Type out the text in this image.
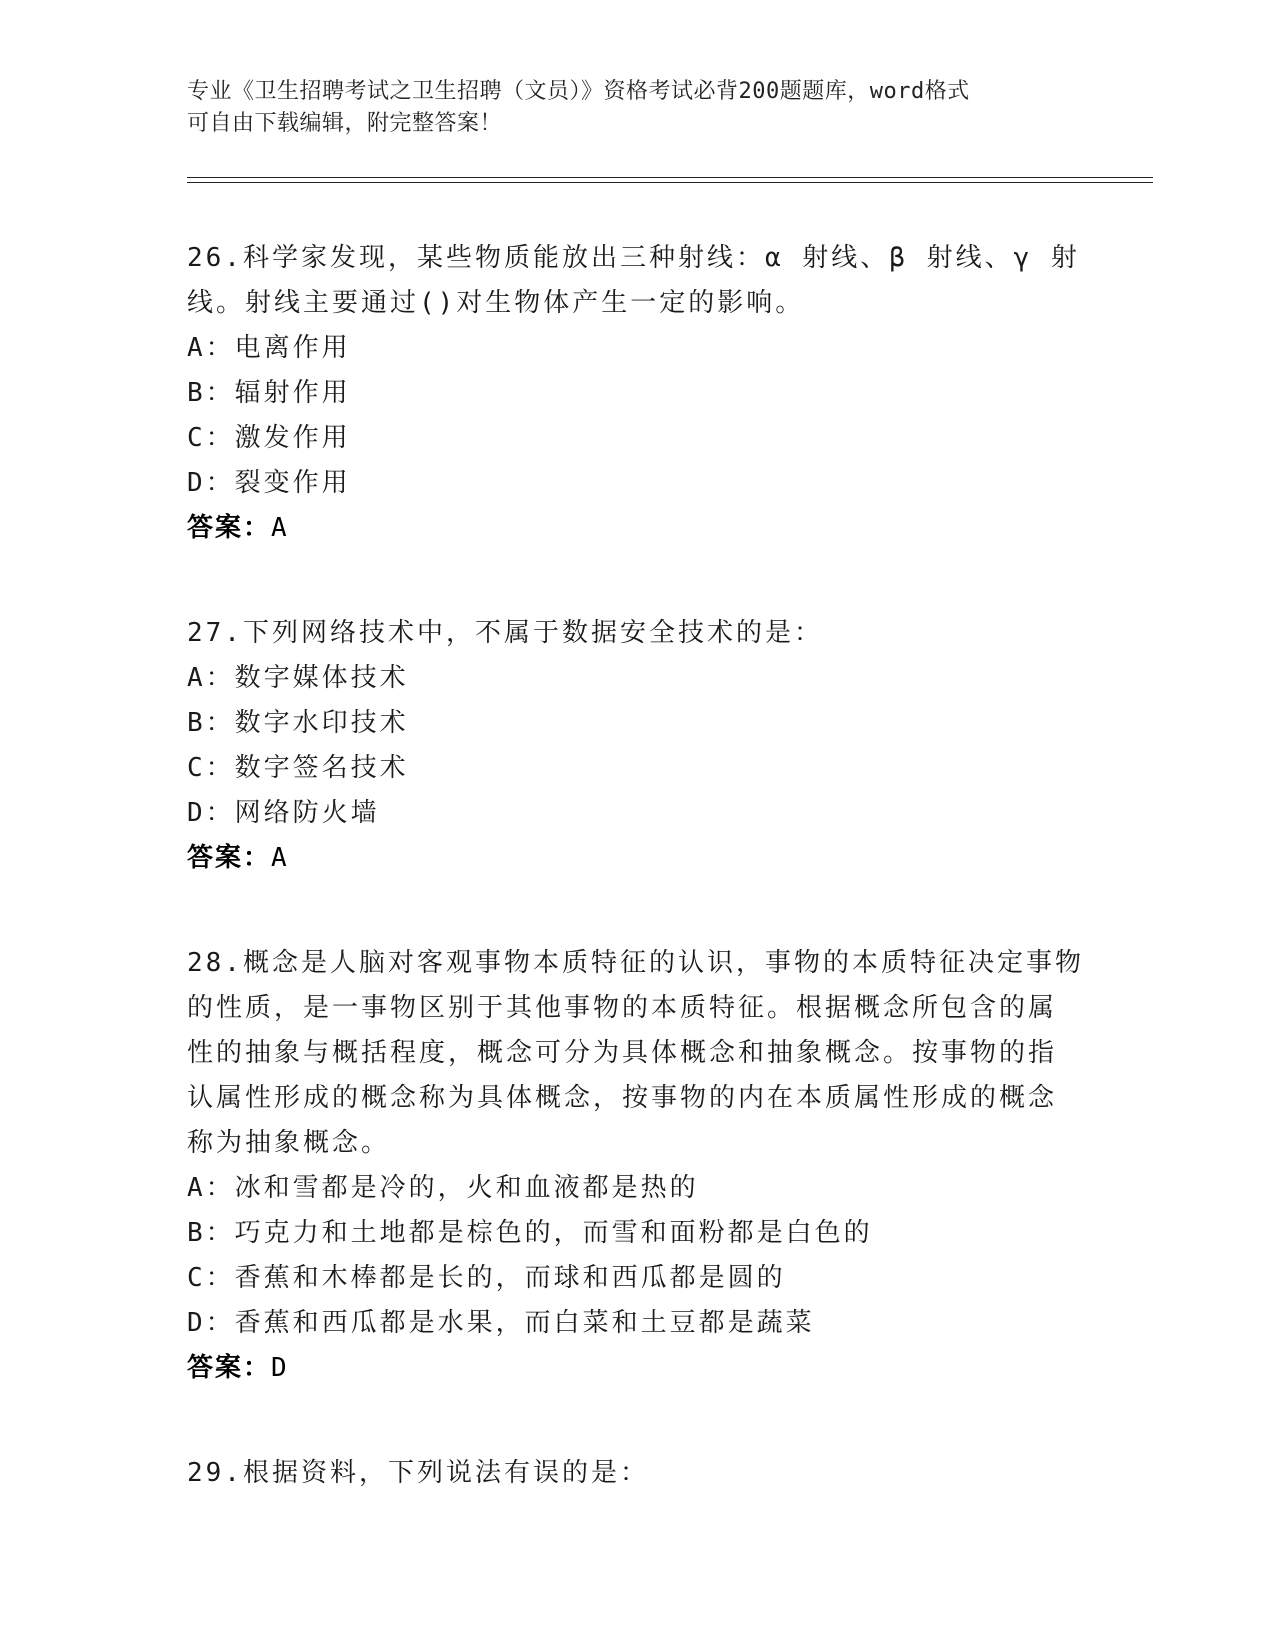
专业《卫生招聘考试之卫生招聘（文员）》资格考试必背200题题库，word格式
可自由下载编辑，附完整答案！

26.科学家发现，某些物质能放出三种射线：α 射线、β 射线、γ 射

线。射线主要通过()对生物体产生一定的影响。

A：电离作用

B：辐射作用

C：激发作用

D：裂变作用

答案：A

27.下列网络技术中，不属于数据安全技术的是：

A：数字媒体技术

B：数字水印技术

C：数字签名技术

D：网络防火墙

答案：A

28.概念是人脑对客观事物本质特征的认识，事物的本质特征决定事物

的性质，是一事物区别于其他事物的本质特征。根据概念所包含的属

性的抽象与概括程度，概念可分为具体概念和抽象概念。按事物的指

认属性形成的概念称为具体概念，按事物的内在本质属性形成的概念

称为抽象概念。

A：冰和雪都是冷的，火和血液都是热的

B：巧克力和土地都是棕色的，而雪和面粉都是白色的

C：香蕉和木棒都是长的，而球和西瓜都是圆的

D：香蕉和西瓜都是水果，而白菜和土豆都是蔬菜

答案：D

29.根据资料，下列说法有误的是：
